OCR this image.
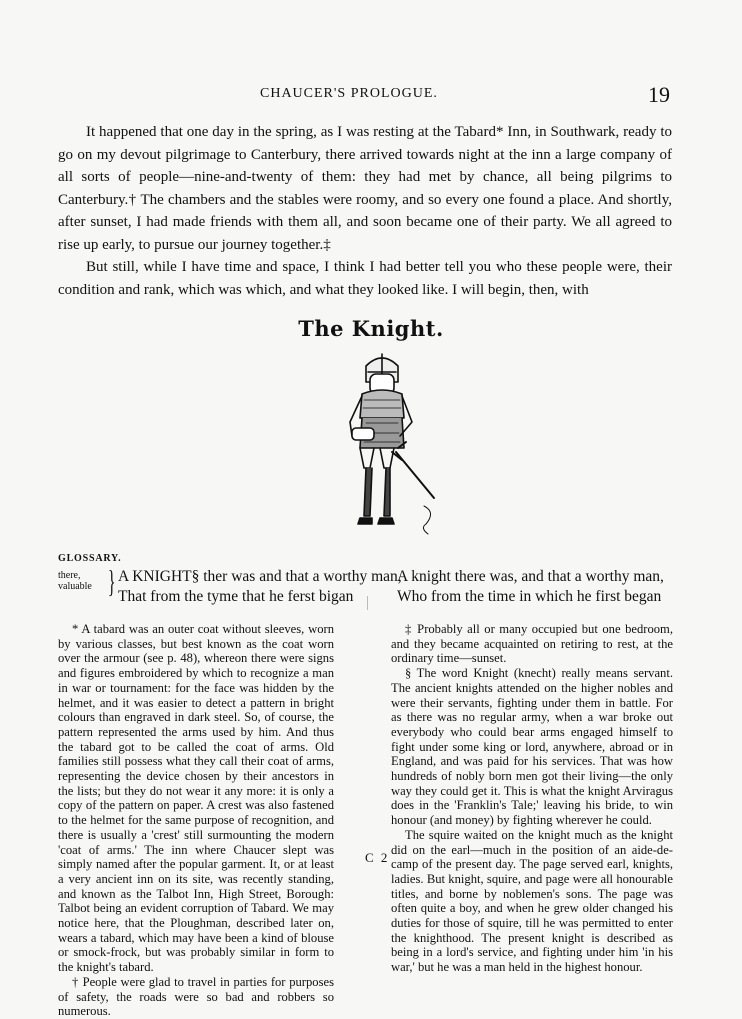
CHAUCER'S PROLOGUE.	19

It happened that one day in the spring, as I was resting at the Tabard* Inn, in Southwark, ready to go on my devout pilgrimage to Canterbury, there arrived towards night at the inn a large company of all sorts of people—nine-and-twenty of them: they had met by chance, all being pilgrims to Canterbury.† The chambers and the stables were roomy, and so every one found a place. And shortly, after sunset, I had made friends with them all, and soon became one of their party. We all agreed to rise up early, to pursue our journey together.‡

But still, while I have time and space, I think I had better tell you who these people were, their condition and rank, which was which, and what they looked like. I will begin, then, with

The Knight.
GLOSSARY.
there,
valuable } A KNIGHT§ ther was and that a worthy man,
That from the tyme that he ferst bigan
A knight there was, and that a worthy man,
Who from the time in which he first began

* A tabard was an outer coat without sleeves, worn by various classes, but best known as the coat worn over the armour (see p. 48), whereon there were signs and figures embroidered by which to recognize a man in war or tournament: for the face was hidden by the helmet, and it was easier to detect a pattern in bright colours than engraved in dark steel. So, of course, the pattern represented the arms used by him. And thus the tabard got to be called the coat of arms. Old families still possess what they call their coat of arms, representing the device chosen by their ancestors in the lists; but they do not wear it any more: it is only a copy of the pattern on paper. A crest was also fastened to the helmet for the same purpose of recognition, and there is usually a 'crest' still surmounting the modern 'coat of arms.' The inn where Chaucer slept was simply named after the popular garment. It, or at least a very ancient inn on its site, was recently standing, and known as the Talbot Inn, High Street, Borough: Talbot being an evident corruption of Tabard. We may notice here, that the Ploughman, described later on, wears a tabard, which may have been a kind of blouse or smock-frock, but was probably similar in form to the knight's tabard.

† People were glad to travel in parties for purposes of safety, the roads were so bad and robbers so numerous.

‡ Probably all or many occupied but one bedroom, and they became acquainted on retiring to rest, at the ordinary time—sunset.

§ The word Knight (knecht) really means servant. The ancient knights attended on the higher nobles and were their servants, fighting under them in battle. For as there was no regular army, when a war broke out everybody who could bear arms engaged himself to fight under some king or lord, anywhere, abroad or in England, and was paid for his services. That was how hundreds of nobly born men got their living—the only way they could get it. This is what the knight Arviragus does in the 'Franklin's Tale;' leaving his bride, to win honour (and money) by fighting wherever he could.

The squire waited on the knight much as the knight did on the earl—much in the position of an aide-de-camp of the present day. The page served earl, knights, ladies. But knight, squire, and page were all honourable titles, and borne by noblemen's sons. The page was often quite a boy, and when he grew older changed his duties for those of squire, till he was permitted to enter the knighthood. The present knight is described as being in a lord's service, and fighting under him 'in his war,' but he was a man held in the highest honour.

C 2
